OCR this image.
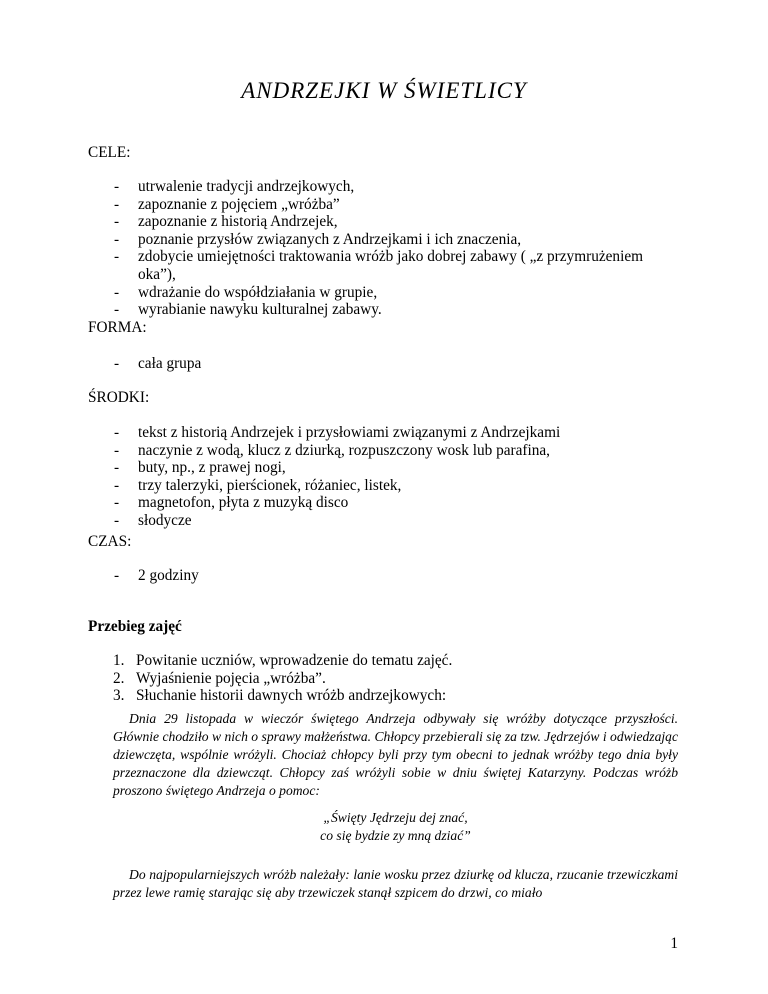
ANDRZEJKI W ŚWIETLICY
CELE:
- utrwalenie tradycji andrzejkowych,
- zapoznanie z pojęciem „wróżba”
- zapoznanie z historią Andrzejek,
- poznanie przysłów związanych z Andrzejkami i ich znaczenia,
- zdobycie umiejętności traktowania wróżb jako dobrej zabawy ( „z przymrużeniem
oka”),
- wdrażanie do współdziałania w grupie,
- wyrabianie nawyku kulturalnej zabawy.
FORMA:
- cała grupa
ŚRODKI:
- tekst z historią Andrzejek i przysłowiami związanymi z Andrzejkami
- naczynie z wodą, klucz z dziurką, rozpuszczony wosk lub parafina,
- buty, np., z prawej nogi,
- trzy talerzyki, pierścionek, różaniec, listek,
- magnetofon, płyta z muzyką disco
- słodycze
CZAS:
- 2 godziny
Przebieg zajęć
1. Powitanie uczniów, wprowadzenie do tematu zajęć.
2. Wyjaśnienie pojęcia „wróżba”.
3. Słuchanie historii dawnych wróżb andrzejkowych:

Dnia 29 listopada w wieczór świętego Andrzeja odbywały się wróżby dotyczące przyszłości. Głównie chodziło w nich o sprawy małżeństwa. Chłopcy przebierali się za tzw. Jędrzejów i odwiedzając dziewczęta, wspólnie wróżyli. Chociaż chłopcy byli przy tym obecni to jednak wróżby tego dnia były przeznaczone dla dziewcząt. Chłopcy zaś wróżyli sobie w dniu świętej Katarzyny. Podczas wróżb proszono świętego Andrzeja o pomoc:

„Święty Jędrzeju dej znać,
co się bydzie zy mną dziać”

Do najpopularniejszych wróżb należały: lanie wosku przez dziurkę od klucza, rzucanie trzewiczkami przez lewe ramię starając się aby trzewiczek stanął szpicem do drzwi, co miało

1
